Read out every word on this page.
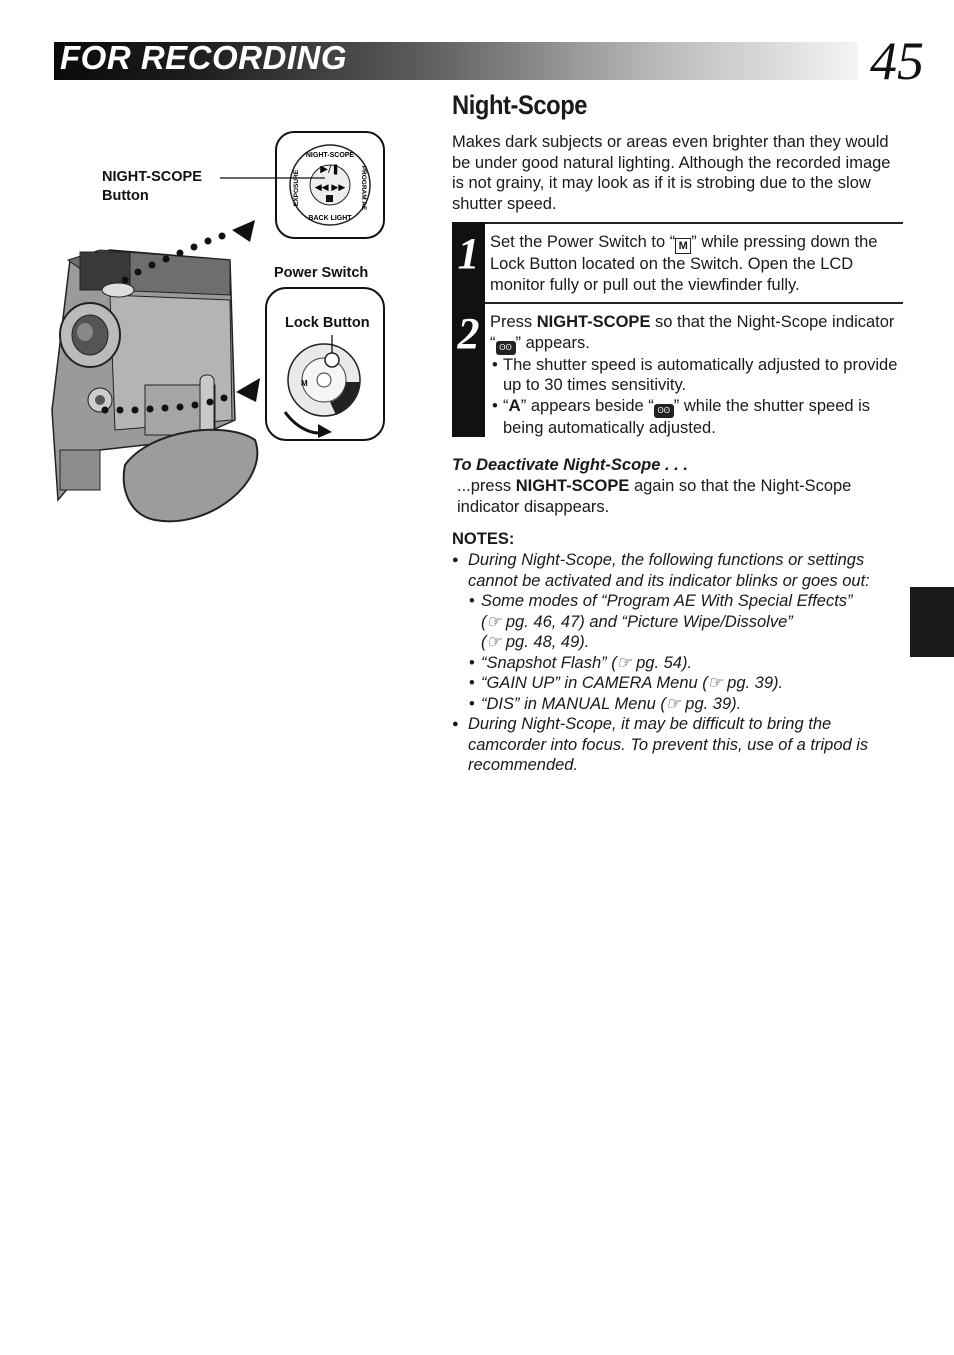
FOR RECORDING	45
NIGHT-SCOPE
BACK LIGHT
EXPOSURE	PROGRAM AE
▶/❚
◀◀ ▶▶
M
NIGHT-SCOPE
Button
Power Switch
Lock Button
Night-Scope
Makes dark subjects or areas even brighter than they would be under good natural lighting. Although the recorded image is not grainy, it may look as if it is strobing due to the slow shutter speed.
1 Set the Power Switch to “ M ” while pressing down the Lock Button located on the Switch. Open the LCD monitor fully or pull out the viewfinder fully.
2 Press NIGHT-SCOPE so that the Night-Scope indicator “ ʘʘ ” appears.
• The shutter speed is automatically adjusted to provide up to 30 times sensitivity.
• “A” appears beside “ ʘʘ ” while the shutter speed is being automatically adjusted.
To Deactivate Night-Scope . . .
...press NIGHT-SCOPE again so that the Night-Scope indicator disappears.
NOTES:
● During Night-Scope, the following functions or settings cannot be activated and its indicator blinks or goes out:
• Some modes of “Program AE With Special Effects”
(☞ pg. 46, 47) and “Picture Wipe/Dissolve”
(☞ pg. 48, 49).
• “Snapshot Flash” (☞ pg. 54).
• “GAIN UP” in CAMERA Menu (☞ pg. 39).
• “DIS” in MANUAL Menu (☞ pg. 39).
● During Night-Scope, it may be difficult to bring the camcorder into focus. To prevent this, use of a tripod is recommended.
